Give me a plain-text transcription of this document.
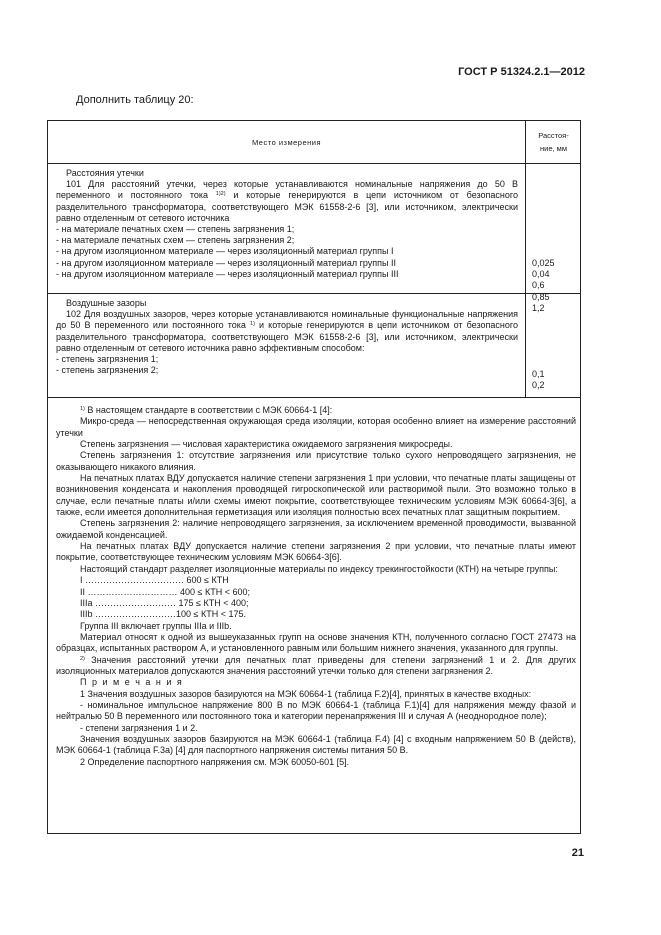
ГОСТ Р 51324.2.1—2012
Дополнить таблицу 20:
Место измерения
Расстоя-
ние, мм
Расстояния утечки

101 Для расстояний утечки, через которые устанавливаются номинальные напряжения до 50 В переменного и постоянного тока $^{1)2)}$ и которые генерируются в цепи источником от безопасного разделительного трансформатора, соответствующего МЭК 61558-2-6 [3], или источником, электрически равно отделенным от сетевого источника

- на материале печатных схем — степень загрязнения 1;
- на материале печатных схем — степень загрязнения 2;
- на другом изоляционном материале — через изоляционный материал группы I
- на другом изоляционном материале — через изоляционный материал группы II
- на другом изоляционном материале — через изоляционный материал группы III
0,025
0,04
0,6
0,85
1,2
Воздушные зазоры

102 Для воздушных зазоров, через которые устанавливаются номинальные функциональные напряжения до 50 В переменного или постоянного тока $^{1)}$ и которые генерируются в цепи источником от безопасного разделительного трансформатора, соответствующего МЭК 61558-2-6 [3], или источником, электрически равно отделенным от сетевого источника равно эффективным способом:

- степень загрязнения 1;
- степень загрязнения 2;	0,1
0,2

$^{1)}$ В настоящем стандарте в соответствии с МЭК 60664-1 [4]:

Микро-среда — непосредственная окружающая среда изоляции, которая особенно влияет на измерение расстояний утечки

Степень загрязнения — числовая характеристика ожидаемого загрязнения микросреды.

Степень загрязнения 1: отсутствие загрязнения или присутствие только сухого непроводящего загрязнения, не оказывающего никакого влияния.

На печатных платах ВДУ допускается наличие степени загрязнения 1 при условии, что печатные платы защищены от возникновения конденсата и накопления проводящей гигроскопической или растворимой пыли. Это возможно только в случае, если печатные платы и/или схемы имеют покрытие, соответствующее техническим условиям МЭК 60664-3[6], а также, если имеется дополнительная герметизация или изоляция полностью всех печатных плат защитным покрытием.

Степень загрязнения 2: наличие непроводящего загрязнения, за исключением временной проводимости, вызванной ожидаемой конденсацией.

На печатных платах ВДУ допускается наличие степени загрязнения 2 при условии, что печатные платы имеют покрытие, соответствующее техническим условиям МЭК 60664-3[6].

Настоящий стандарт разделяет изоляционные материалы по индексу трекингостойкости (КТН) на четыре группы:

I …………………………… 600 ≤ КТН
II ………………………… 400 ≤ КТН < 600;
IIIa ……………………… 175 ≤ КТН < 400;
IIIb ………………………100 ≤ КТН < 175.

Группа III включает группы IIIa и IIIb.

Материал относят к одной из вышеуказанных групп на основе значения КТН, полученного согласно ГОСТ 27473 на образцах, испытанных раствором А, и установленного равным или большим нижнего значения, указанного для группы.

$^{2)}$ Значения расстояний утечки для печатных плат приведены для степени загрязнений 1 и 2. Для других изоляционных материалов допускаются значения расстояний утечки только для степени загрязнения 2.

П р и м е ч а н и я

1 Значения воздушных зазоров базируются на МЭК 60664-1 (таблица F.2)[4], принятых в качестве входных:

- номинальное импульсное напряжение 800 В по МЭК 60664-1 (таблица F.1)[4] для напряжения между фазой и нейтралью 50 В переменного или постоянного тока и категории перенапряжения III и случая А (неоднородное поле);

- степени загрязнения 1 и 2.

Значения воздушных зазоров базируются на МЭК 60664-1 (таблица F.4) [4] с входным напряжением 50 В (действ), МЭК 60664-1 (таблица F.3а) [4] для паспортного напряжения системы питания 50 В.

2 Определение паспортного напряжения см. МЭК 60050-601 [5].

21
